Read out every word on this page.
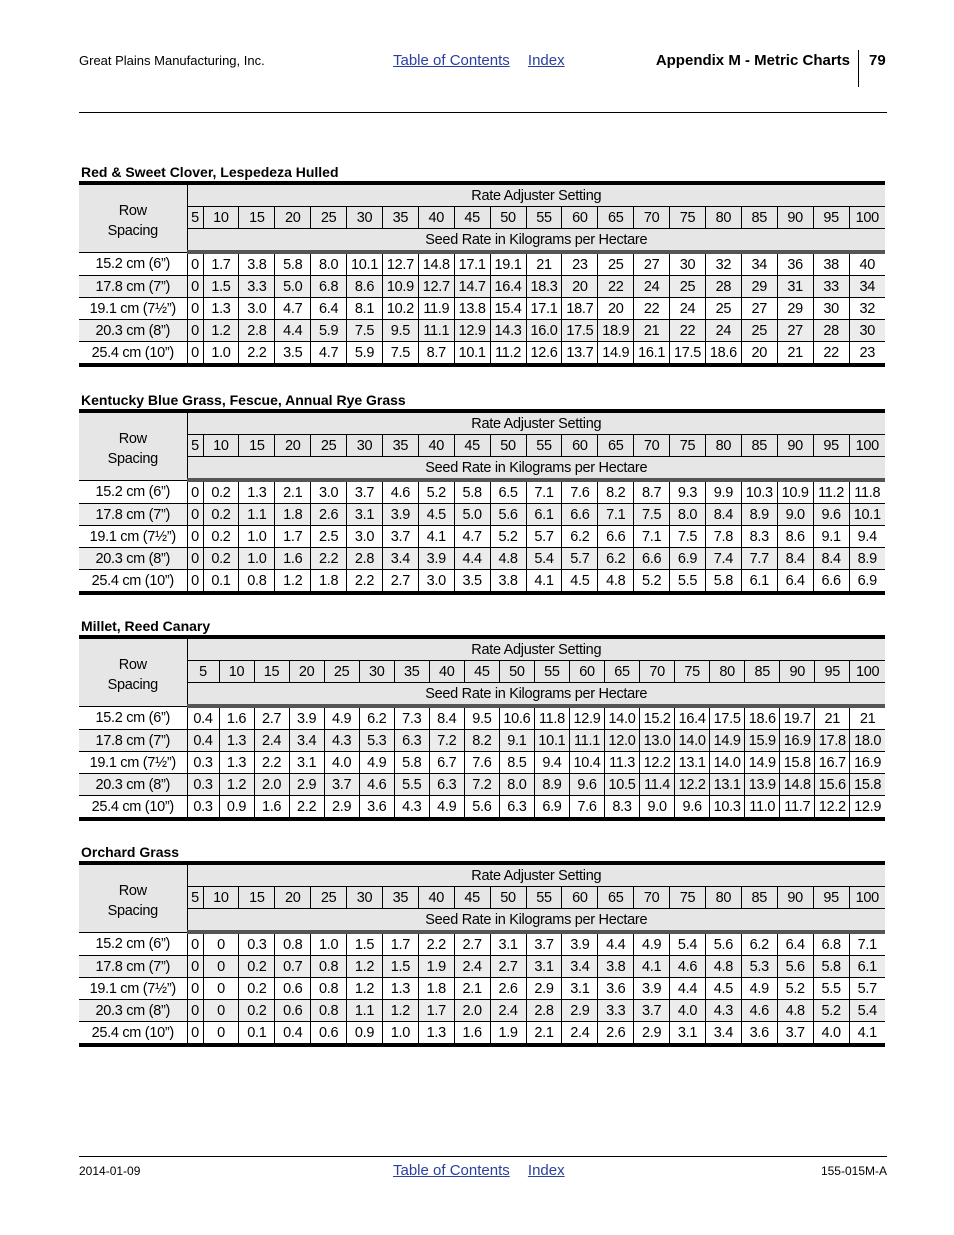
Great Plains Manufacturing, Inc.	Table of Contents Index	Appendix M - Metric Charts 79
Red & Sweet Clover, Lespedeza Hulled
Row
Spacing	Rate Adjuster Setting																			
	5	10	15	20	25	30	35	40	45	50	55	60	65	70	75	80	85	90	95	100
	Seed Rate in Kilograms per Hectare																			
15.2 cm (6”)	0	1.7	3.8	5.8	8.0	10.1	12.7	14.8	17.1	19.1	21	23	25	27	30	32	34	36	38	40
17.8 cm (7”)	0	1.5	3.3	5.0	6.8	8.6	10.9	12.7	14.7	16.4	18.3	20	22	24	25	28	29	31	33	34
19.1 cm (7½”)	0	1.3	3.0	4.7	6.4	8.1	10.2	11.9	13.8	15.4	17.1	18.7	20	22	24	25	27	29	30	32
20.3 cm (8”)	0	1.2	2.8	4.4	5.9	7.5	9.5	11.1	12.9	14.3	16.0	17.5	18.9	21	22	24	25	27	28	30
25.4 cm (10”)	0	1.0	2.2	3.5	4.7	5.9	7.5	8.7	10.1	11.2	12.6	13.7	14.9	16.1	17.5	18.6	20	21	22	23
Kentucky Blue Grass, Fescue, Annual Rye Grass
Row
Spacing	Rate Adjuster Setting																			
	5	10	15	20	25	30	35	40	45	50	55	60	65	70	75	80	85	90	95	100
	Seed Rate in Kilograms per Hectare																			
15.2 cm (6”)	0	0.2	1.3	2.1	3.0	3.7	4.6	5.2	5.8	6.5	7.1	7.6	8.2	8.7	9.3	9.9	10.3	10.9	11.2	11.8
17.8 cm (7”)	0	0.2	1.1	1.8	2.6	3.1	3.9	4.5	5.0	5.6	6.1	6.6	7.1	7.5	8.0	8.4	8.9	9.0	9.6	10.1
19.1 cm (7½”)	0	0.2	1.0	1.7	2.5	3.0	3.7	4.1	4.7	5.2	5.7	6.2	6.6	7.1	7.5	7.8	8.3	8.6	9.1	9.4
20.3 cm (8”)	0	0.2	1.0	1.6	2.2	2.8	3.4	3.9	4.4	4.8	5.4	5.7	6.2	6.6	6.9	7.4	7.7	8.4	8.4	8.9
25.4 cm (10”)	0	0.1	0.8	1.2	1.8	2.2	2.7	3.0	3.5	3.8	4.1	4.5	4.8	5.2	5.5	5.8	6.1	6.4	6.6	6.9
Millet, Reed Canary
Row
Spacing	Rate Adjuster Setting																			
	5	10	15	20	25	30	35	40	45	50	55	60	65	70	75	80	85	90	95	100
	Seed Rate in Kilograms per Hectare																			
15.2 cm (6”)	0.4	1.6	2.7	3.9	4.9	6.2	7.3	8.4	9.5	10.6	11.8	12.9	14.0	15.2	16.4	17.5	18.6	19.7	21	21
17.8 cm (7”)	0.4	1.3	2.4	3.4	4.3	5.3	6.3	7.2	8.2	9.1	10.1	11.1	12.0	13.0	14.0	14.9	15.9	16.9	17.8	18.0
19.1 cm (7½”)	0.3	1.3	2.2	3.1	4.0	4.9	5.8	6.7	7.6	8.5	9.4	10.4	11.3	12.2	13.1	14.0	14.9	15.8	16.7	16.9
20.3 cm (8”)	0.3	1.2	2.0	2.9	3.7	4.6	5.5	6.3	7.2	8.0	8.9	9.6	10.5	11.4	12.2	13.1	13.9	14.8	15.6	15.8
25.4 cm (10”)	0.3	0.9	1.6	2.2	2.9	3.6	4.3	4.9	5.6	6.3	6.9	7.6	8.3	9.0	9.6	10.3	11.0	11.7	12.2	12.9
Orchard Grass
Row
Spacing	Rate Adjuster Setting																			
	5	10	15	20	25	30	35	40	45	50	55	60	65	70	75	80	85	90	95	100
	Seed Rate in Kilograms per Hectare																			
15.2 cm (6”)	0	0	0.3	0.8	1.0	1.5	1.7	2.2	2.7	3.1	3.7	3.9	4.4	4.9	5.4	5.6	6.2	6.4	6.8	7.1
17.8 cm (7”)	0	0	0.2	0.7	0.8	1.2	1.5	1.9	2.4	2.7	3.1	3.4	3.8	4.1	4.6	4.8	5.3	5.6	5.8	6.1
19.1 cm (7½”)	0	0	0.2	0.6	0.8	1.2	1.3	1.8	2.1	2.6	2.9	3.1	3.6	3.9	4.4	4.5	4.9	5.2	5.5	5.7
20.3 cm (8”)	0	0	0.2	0.6	0.8	1.1	1.2	1.7	2.0	2.4	2.8	2.9	3.3	3.7	4.0	4.3	4.6	4.8	5.2	5.4
25.4 cm (10”)	0	0	0.1	0.4	0.6	0.9	1.0	1.3	1.6	1.9	2.1	2.4	2.6	2.9	3.1	3.4	3.6	3.7	4.0	4.1
2014-01-09	Table of Contents Index	155-015M-A
